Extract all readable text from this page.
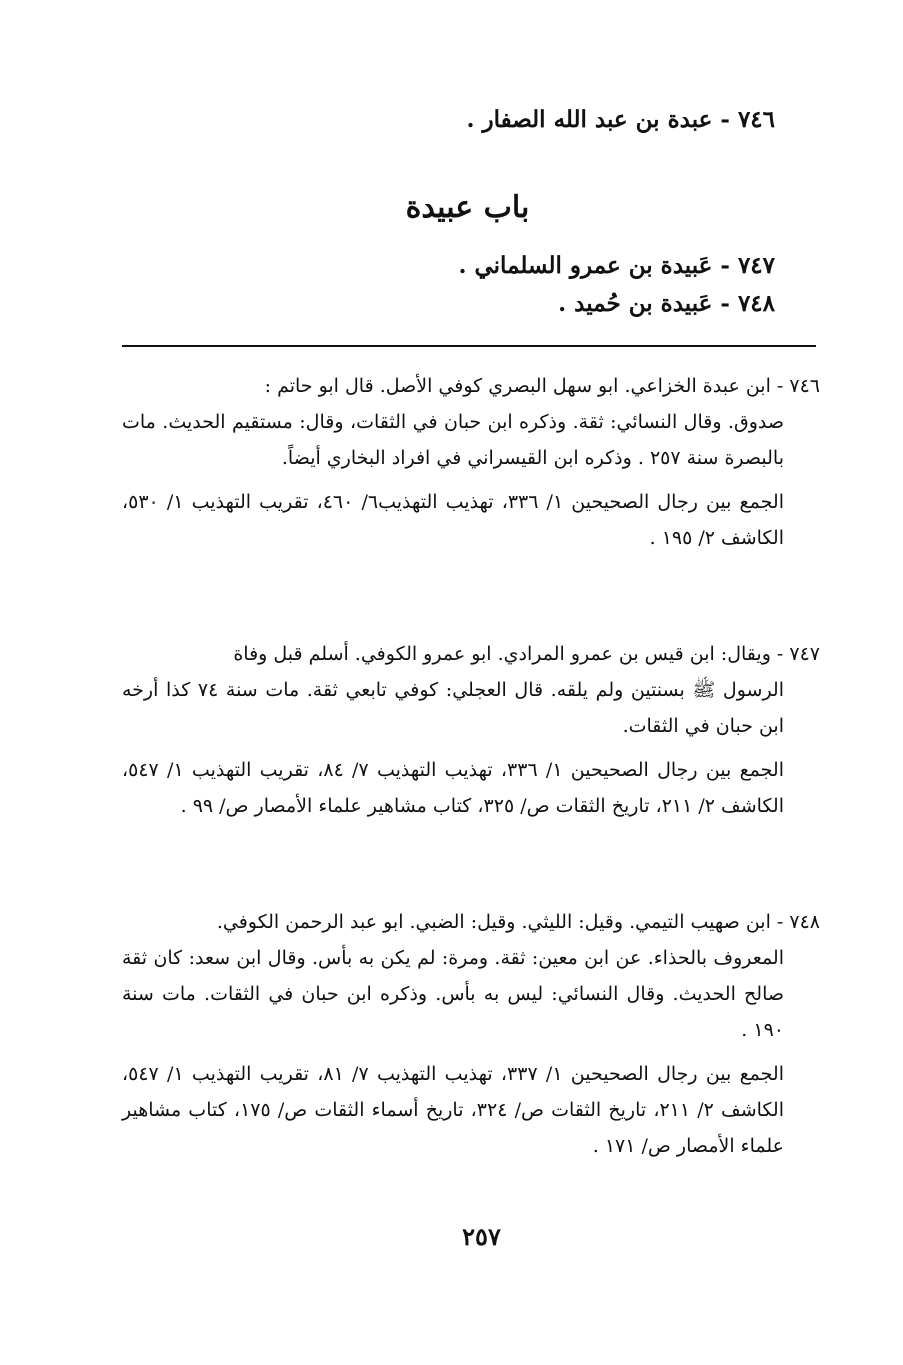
٧٤٦ - عبدة بن عبد الله الصفار .
باب عبيدة
٧٤٧ - عَبيدة بن عمرو السلماني .
٧٤٨ - عَبيدة بن حُميد .

٧٤٦ - ابن عبدة الخزاعي. ابو سهل البصري كوفي الأصل. قال ابو حاتم :

صدوق. وقال النسائي: ثقة. وذكره ابن حبان في الثقات، وقال: مستقيم الحديث. مات بالبصرة سنة ٢٥٧ . وذكره ابن القيسراني في افراد البخاري أيضاً.

الجمع بين رجال الصحيحين ١/ ٣٣٦، تهذيب التهذيب٦/ ٤٦٠، تقريب التهذيب ١/ ٥٣٠، الكاشف ٢/ ١٩٥ .

٧٤٧ - ويقال: ابن قيس بن عمرو المرادي. ابو عمرو الكوفي. أسلم قبل وفاة

الرسول ﷺ بسنتين ولم يلقه. قال العجلي: كوفي تابعي ثقة. مات سنة ٧٤ كذا أرخه ابن حبان في الثقات.

الجمع بين رجال الصحيحين ١/ ٣٣٦، تهذيب التهذيب ٧/ ٨٤، تقريب التهذيب ١/ ٥٤٧، الكاشف ٢/ ٢١١، تاريخ الثقات ص/ ٣٢٥، كتاب مشاهير علماء الأمصار ص/ ٩٩ .

٧٤٨ - ابن صهيب التيمي. وقيل: الليثي. وقيل: الضبي. ابو عبد الرحمن الكوفي.

المعروف بالحذاء. عن ابن معين: ثقة. ومرة: لم يكن به بأس. وقال ابن سعد: كان ثقة صالح الحديث. وقال النسائي: ليس به بأس. وذكره ابن حبان في الثقات. مات سنة ١٩٠ .

الجمع بين رجال الصحيحين ١/ ٣٣٧، تهذيب التهذيب ٧/ ٨١، تقريب التهذيب ١/ ٥٤٧، الكاشف ٢/ ٢١١، تاريخ الثقات ص/ ٣٢٤، تاريخ أسماء الثقات ص/ ١٧٥، كتاب مشاهير علماء الأمصار ص/ ١٧١ .

٢٥٧
